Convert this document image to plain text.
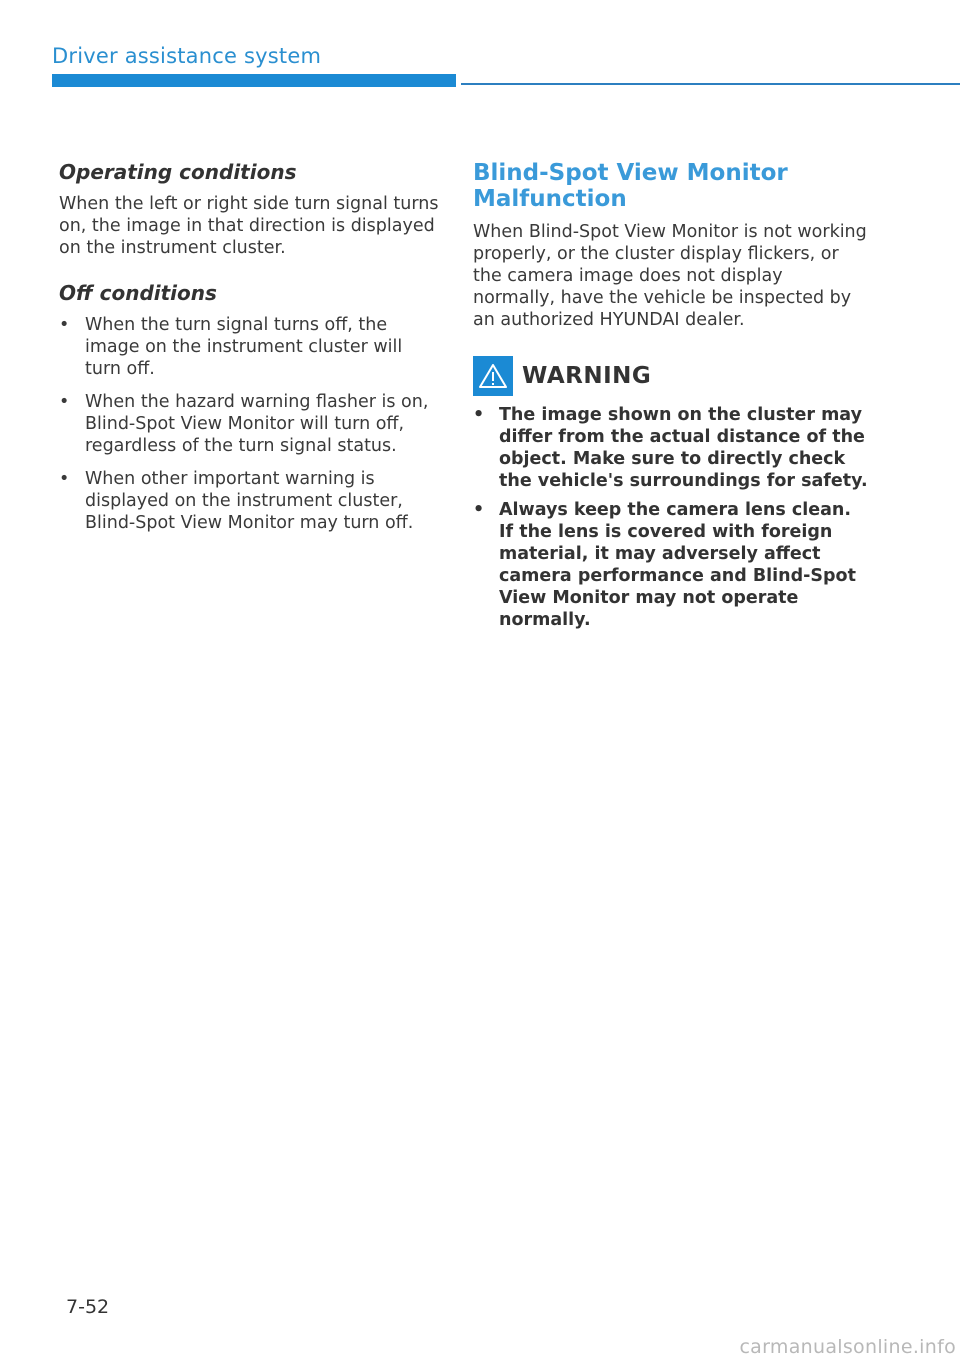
Driver assistance system
Operating conditions

When the left or right side turn signal turns on, the image in that direction is displayed on the instrument cluster.

Off conditions
• When the turn signal turns off, the image on the instrument cluster will turn off.
• When the hazard warning flasher is on, Blind-Spot View Monitor will turn off, regardless of the turn signal status.
• When other important warning is displayed on the instrument cluster, Blind-Spot View Monitor may turn off.
Blind-Spot View Monitor Malfunction

When Blind-Spot View Monitor is not working properly, or the cluster display flickers, or the camera image does not display normally, have the vehicle be inspected by an authorized HYUNDAI dealer.

WARNING
• The image shown on the cluster may differ from the actual distance of the object. Make sure to directly check the vehicle's surroundings for safety.
• Always keep the camera lens clean. If the lens is covered with foreign material, it may adversely affect camera performance and Blind-Spot View Monitor may not operate normally.
7-52
carmanualsonline.info
